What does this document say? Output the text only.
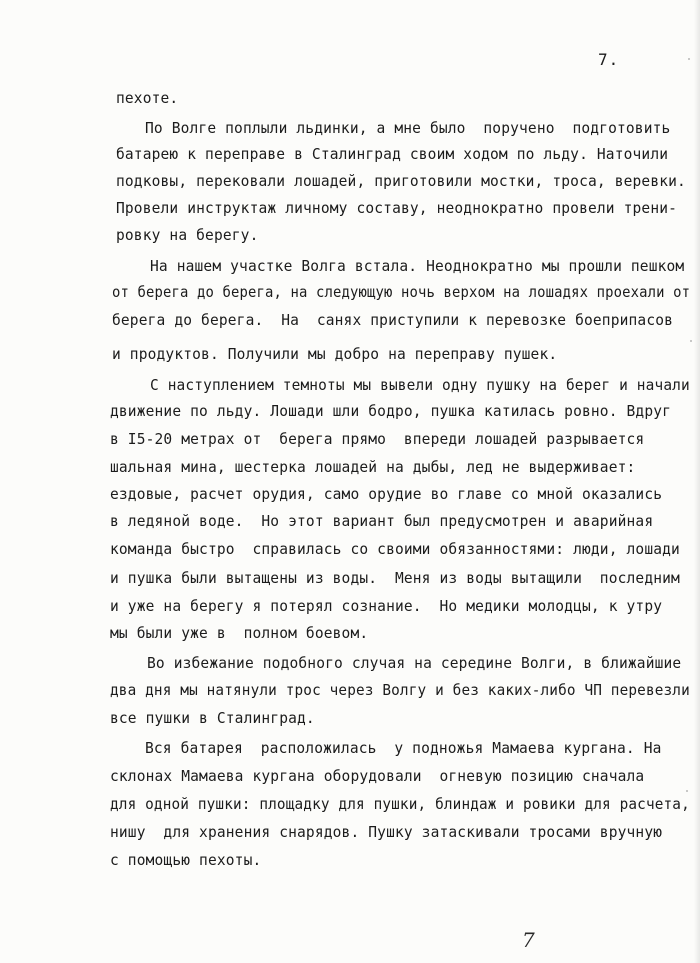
7.
пехоте.
По Волге поплыли льдинки, а мне было  поручено  подготовить
батарею к переправе в Сталинград своим ходом по льду. Наточили
подковы, перековали лошадей, приготовили мостки, троса, веревки.
Провели инструктаж личному составу, неоднократно провели трени-
ровку на берегу.
На нашем участке Волга встала. Неоднократно мы прошли пешком
от берега до берега, на следующую ночь верхом на лошадях проехали от
берега до берега.  На  санях приступили к перевозке боеприпасов
и продуктов. Получили мы добро на переправу пушек.
С наступлением темноты мы вывели одну пушку на берег и начали
движение по льду. Лошади шли бодро, пушка катилась ровно. Вдруг
в I5-20 метрах от  берега прямо  впереди лошадей разрывается
шальная мина, шестерка лошадей на дыбы, лед не выдерживает:
ездовые, расчет орудия, само орудие во главе со мной оказались
в ледяной воде.  Но этот вариант был предусмотрен и аварийная
команда быстро  справилась со своими обязанностями: люди, лошади
и пушка были вытащены из воды.  Меня из воды вытащили  последним
и уже на берегу я потерял сознание.  Но медики молодцы, к утру
мы были уже в  полном боевом.
Во избежание подобного случая на середине Волги, в ближайшие
два дня мы натянули трос через Волгу и без каких-либо ЧП перевезли
все пушки в Сталинград.
Вся батарея  расположилась  у подножья Мамаева кургана. На
склонах Мамаева кургана оборудовали  огневую позицию сначала
для одной пушки: площадку для пушки, блиндаж и ровики для расчета,
нишу  для хранения снарядов. Пушку затаскивали тросами вручную
с помощью пехоты.
7
